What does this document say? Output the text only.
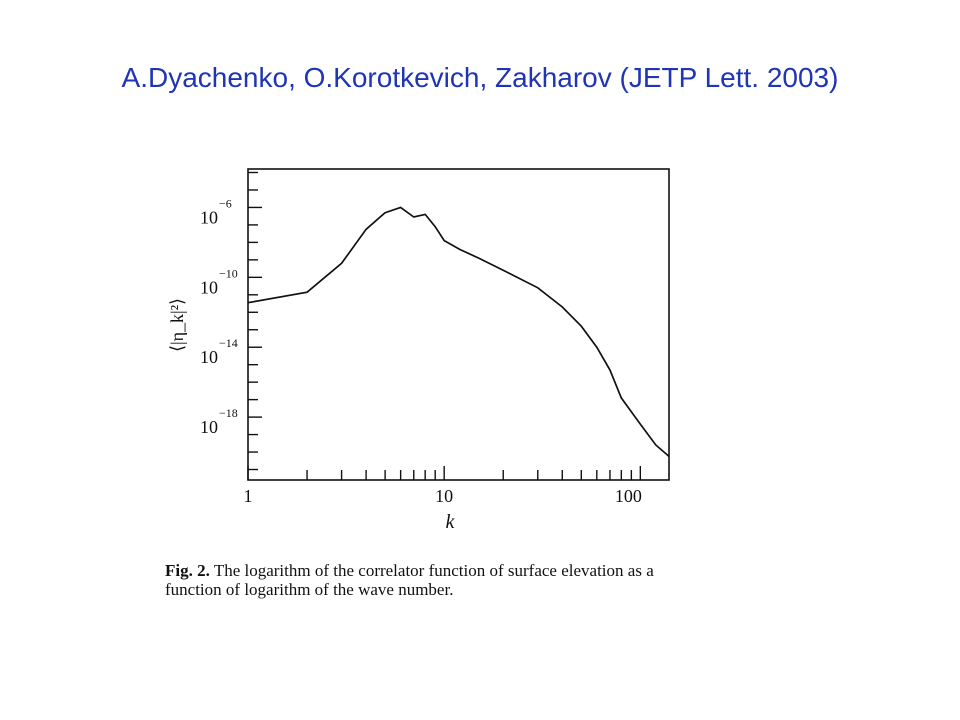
A.Dyachenko, O.Korotkevich, Zakharov (JETP Lett. 2003)
1	10	100
10
−6
10
−10
10
−14
10
−18
k
⟨|η_k|²⟩
Fig. 2. The logarithm of the correlator function of surface elevation as a function of logarithm of the wave number.
